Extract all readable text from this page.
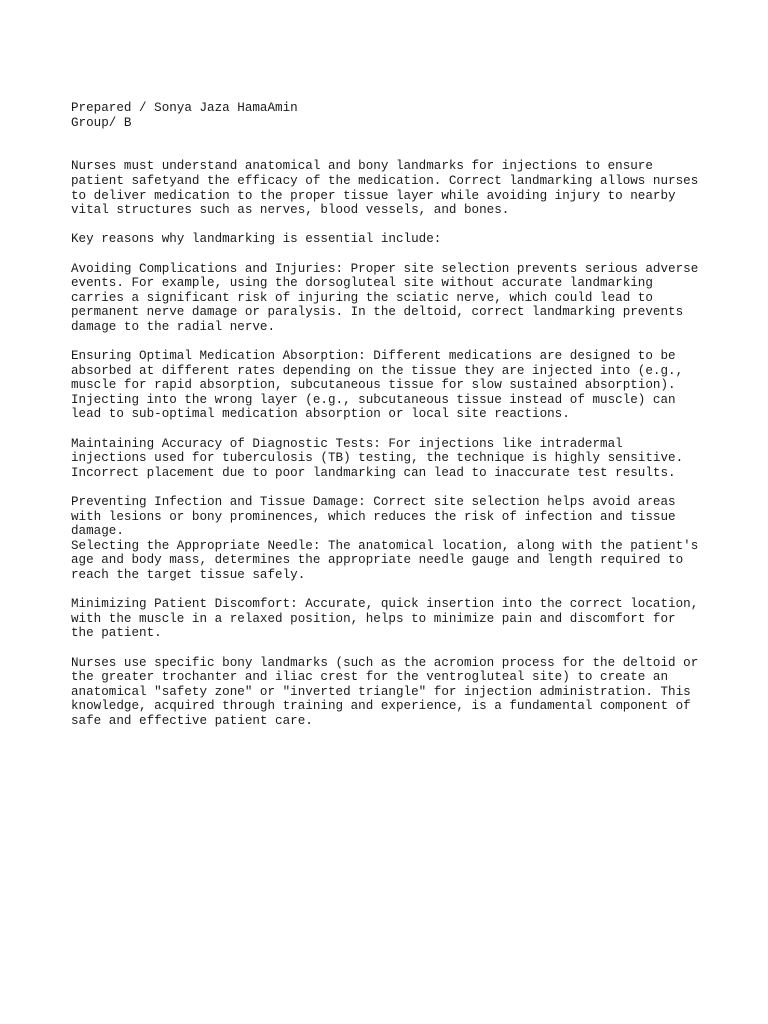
Prepared / Sonya Jaza HamaAmin
Group/ B
Nurses must understand anatomical and bony landmarks for injections to ensure
patient safetyand the efficacy of the medication. Correct landmarking allows nurses
to deliver medication to the proper tissue layer while avoiding injury to nearby
vital structures such as nerves, blood vessels, and bones.
Key reasons why landmarking is essential include:
Avoiding Complications and Injuries: Proper site selection prevents serious adverse
events. For example, using the dorsogluteal site without accurate landmarking
carries a significant risk of injuring the sciatic nerve, which could lead to
permanent nerve damage or paralysis. In the deltoid, correct landmarking prevents
damage to the radial nerve.
Ensuring Optimal Medication Absorption: Different medications are designed to be
absorbed at different rates depending on the tissue they are injected into (e.g.,
muscle for rapid absorption, subcutaneous tissue for slow sustained absorption).
Injecting into the wrong layer (e.g., subcutaneous tissue instead of muscle) can
lead to sub-optimal medication absorption or local site reactions.
Maintaining Accuracy of Diagnostic Tests: For injections like intradermal
injections used for tuberculosis (TB) testing, the technique is highly sensitive.
Incorrect placement due to poor landmarking can lead to inaccurate test results.
Preventing Infection and Tissue Damage: Correct site selection helps avoid areas
with lesions or bony prominences, which reduces the risk of infection and tissue
damage.
Selecting the Appropriate Needle: The anatomical location, along with the patient's
age and body mass, determines the appropriate needle gauge and length required to
reach the target tissue safely.
Minimizing Patient Discomfort: Accurate, quick insertion into the correct location,
with the muscle in a relaxed position, helps to minimize pain and discomfort for
the patient.
Nurses use specific bony landmarks (such as the acromion process for the deltoid or
the greater trochanter and iliac crest for the ventrogluteal site) to create an
anatomical "safety zone" or "inverted triangle" for injection administration. This
knowledge, acquired through training and experience, is a fundamental component of
safe and effective patient care.
